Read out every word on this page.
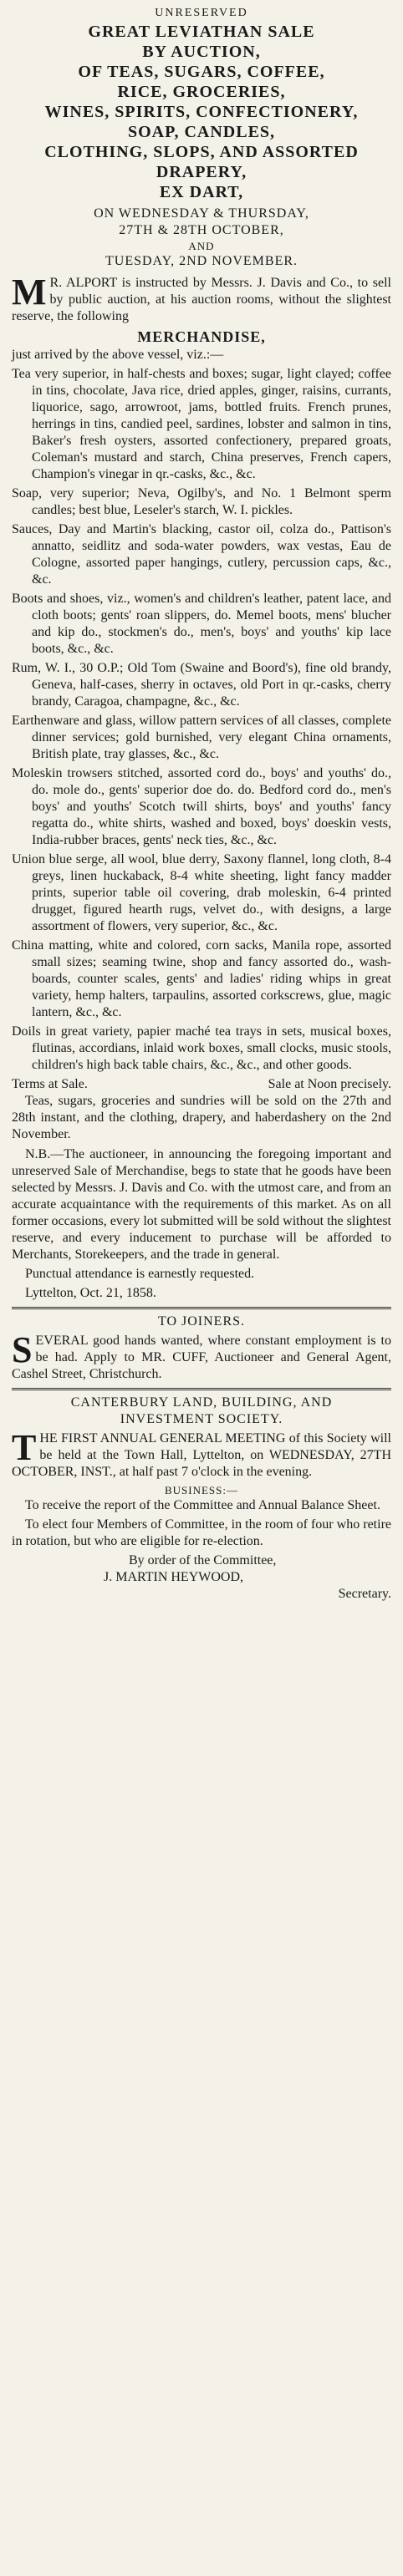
UNRESERVED
GREAT LEVIATHAN SALE
BY AUCTION,
OF TEAS, SUGARS, COFFEE,
RICE, GROCERIES,
WINES, SPIRITS, CONFECTIONERY,
SOAP, CANDLES,
CLOTHING, SLOPS, AND ASSORTED
DRAPERY,
EX DART,
ON WEDNESDAY & THURSDAY,
27TH & 28TH OCTOBER,
AND
TUESDAY, 2ND NOVEMBER.

M R. ALPORT is instructed by Messrs. J. Davis and Co., to sell by public auction, at his auction rooms, without the slightest reserve, the following

MERCHANDISE,

just arrived by the above vessel, viz.:—

Tea very superior, in half-chests and boxes; sugar, light clayed; coffee in tins, chocolate, Java rice, dried apples, ginger, raisins, currants, liquorice, sago, arrowroot, jams, bottled fruits. French prunes, herrings in tins, candied peel, sardines, lobster and salmon in tins, Baker's fresh oysters, assorted confectionery, prepared groats, Coleman's mustard and starch, China preserves, French capers, Champion's vinegar in qr.-casks, &c., &c.

Soap, very superior; Neva, Ogilby's, and No. 1 Belmont sperm candles; best blue, Leseler's starch, W. I. pickles.

Sauces, Day and Martin's blacking, castor oil, colza do., Pattison's annatto, seidlitz and soda-water powders, wax vestas, Eau de Cologne, assorted paper hangings, cutlery, percussion caps, &c., &c.

Boots and shoes, viz., women's and children's leather, patent lace, and cloth boots; gents' roan slippers, do. Memel boots, mens' blucher and kip do., stockmen's do., men's, boys' and youths' kip lace boots, &c., &c.

Rum, W. I., 30 O.P.; Old Tom (Swaine and Boord's), fine old brandy, Geneva, half-cases, sherry in octaves, old Port in qr.-casks, cherry brandy, Caragoa, champagne, &c., &c.

Earthenware and glass, willow pattern services of all classes, complete dinner services; gold burnished, very elegant China ornaments, British plate, tray glasses, &c., &c.

Moleskin trowsers stitched, assorted cord do., boys' and youths' do., do. mole do., gents' superior doe do. do. Bedford cord do., men's boys' and youths' Scotch twill shirts, boys' and youths' fancy regatta do., white shirts, washed and boxed, boys' doeskin vests, India-rubber braces, gents' neck ties, &c., &c.

Union blue serge, all wool, blue derry, Saxony flannel, long cloth, 8-4 greys, linen huckaback, 8-4 white sheeting, light fancy madder prints, superior table oil covering, drab moleskin, 6-4 printed drugget, figured hearth rugs, velvet do., with designs, a large assortment of flowers, very superior, &c., &c.

China matting, white and colored, corn sacks, Manila rope, assorted small sizes; seaming twine, shop and fancy assorted do., wash-boards, counter scales, gents' and ladies' riding whips in great variety, hemp halters, tarpaulins, assorted corkscrews, glue, magic lantern, &c., &c.

Doils in great variety, papier maché tea trays in sets, musical boxes, flutinas, accordians, inlaid work boxes, small clocks, music stools, children's high back table chairs, &c., &c., and other goods.

Terms at Sale.	Sale at Noon precisely.

Teas, sugars, groceries and sundries will be sold on the 27th and 28th instant, and the clothing, drapery, and haberdashery on the 2nd November.

N.B.—The auctioneer, in announcing the foregoing important and unreserved Sale of Merchandise, begs to state that he goods have been selected by Messrs. J. Davis and Co. with the utmost care, and from an accurate acquaintance with the requirements of this market. As on all former occasions, every lot submitted will be sold without the slightest reserve, and every inducement to purchase will be afforded to Merchants, Storekeepers, and the trade in general.

Punctual attendance is earnestly requested.

Lyttelton, Oct. 21, 1858.

TO JOINERS.

SEVERAL good hands wanted, where constant employment is to be had. Apply to MR. CUFF, Auctioneer and General Agent, Cashel Street, Christchurch.

CANTERBURY LAND, BUILDING, AND
INVESTMENT SOCIETY.

THE FIRST ANNUAL GENERAL MEETING of this Society will be held at the Town Hall, Lyttelton, on WEDNESDAY, 27TH OCTOBER, INST., at half past 7 o'clock in the evening.

BUSINESS:—

To receive the report of the Committee and Annual Balance Sheet.

To elect four Members of Committee, in the room of four who retire in rotation, but who are eligible for re-election.

By order of the Committee,
J. MARTIN HEYWOOD,
Secretary.
